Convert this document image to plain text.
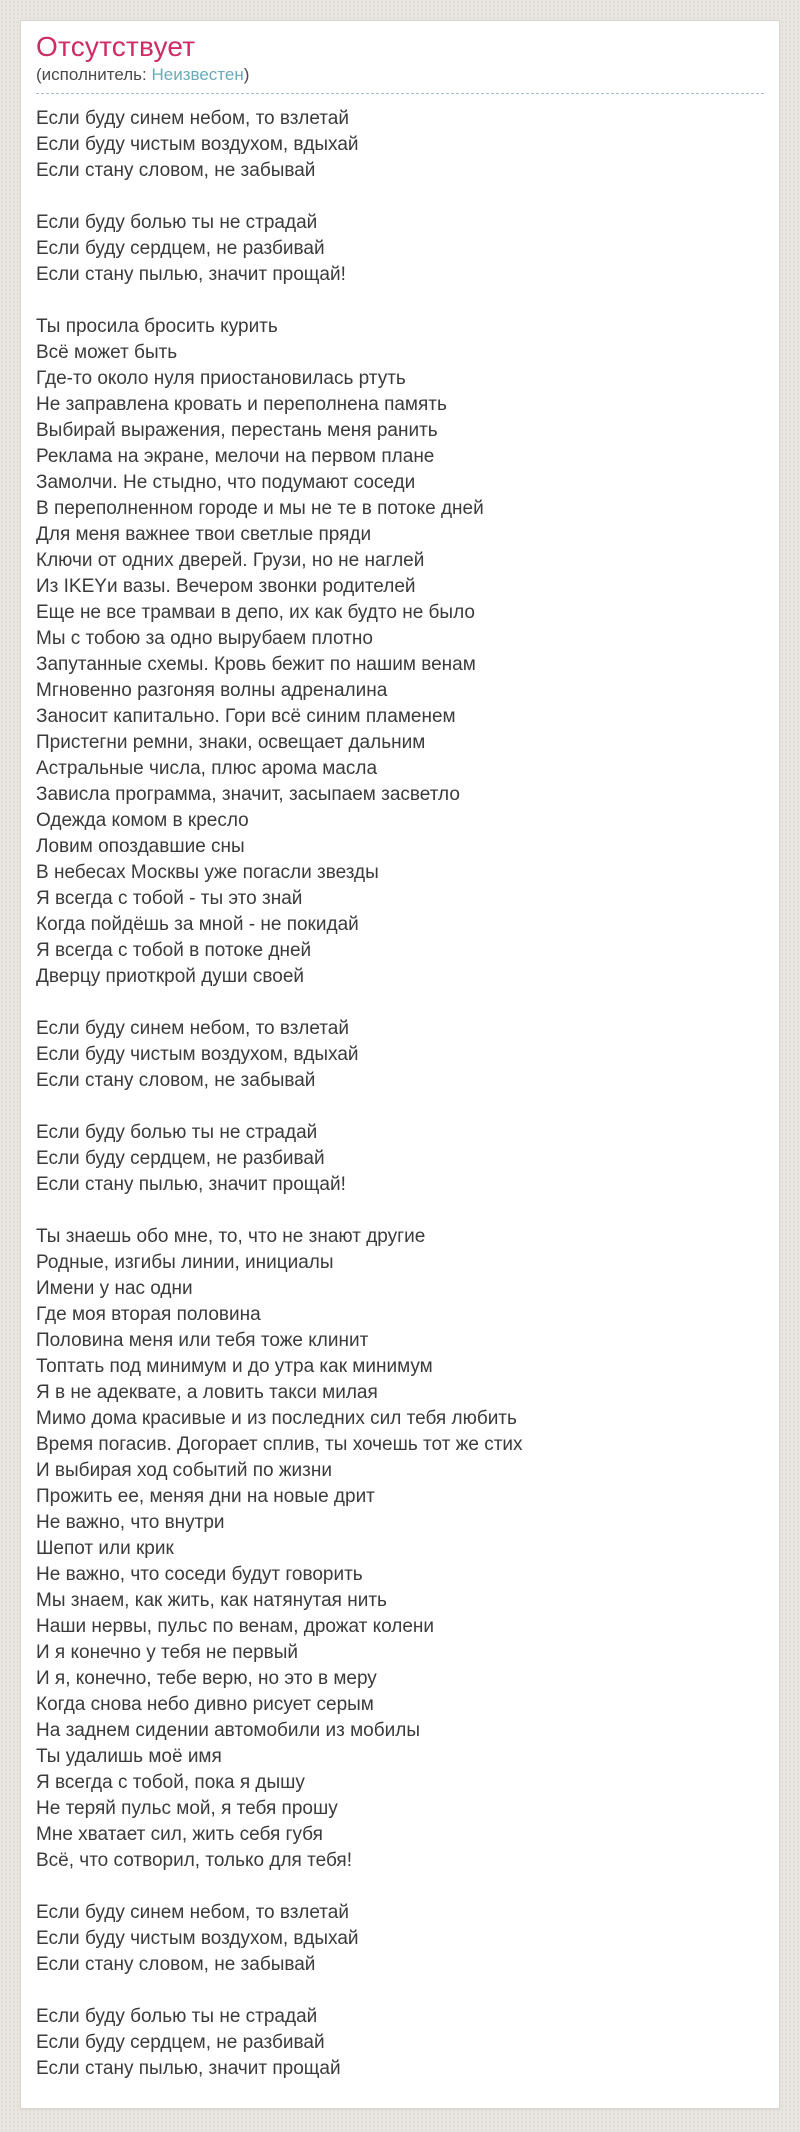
Отсутствует
(исполнитель: Неизвестен)

Если буду синем небом, то взлетай
Если буду чистым воздухом, вдыхай
Если стану словом, не забывай

Если буду болью ты не страдай
Если буду сердцем, не разбивай
Если стану пылью, значит прощай!

Ты просила бросить курить
Всё может быть
Где-то около нуля приостановилась ртуть
Не заправлена кровать и переполнена память
Выбирай выражения, перестань меня ранить
Реклама на экране, мелочи на первом плане
Замолчи. Не стыдно, что подумают соседи
В переполненном городе и мы не те в потоке дней
Для меня важнее твои светлые пряди
Ключи от одних дверей. Грузи, но не наглей
Из IKEYи вазы. Вечером звонки родителей
Еще не все трамваи в депо, их как будто не было
Мы с тобою за одно вырубаем плотно
Запутанные схемы. Кровь бежит по нашим венам
Мгновенно разгоняя волны адреналина
Заносит капитально. Гори всё синим пламенем
Пристегни ремни, знаки, освещает дальним
Астральные числа, плюс арома масла
Зависла программа, значит, засыпаем засветло
Одежда комом в кресло
Ловим опоздавшие сны
В небесах Москвы уже погасли звезды
Я всегда с тобой - ты это знай
Когда пойдёшь за мной - не покидай
Я всегда с тобой в потоке дней
Дверцу приоткрой души своей

Если буду синем небом, то взлетай
Если буду чистым воздухом, вдыхай
Если стану словом, не забывай

Если буду болью ты не страдай
Если буду сердцем, не разбивай
Если стану пылью, значит прощай!

Ты знаешь обо мне, то, что не знают другие
Родные, изгибы линии, инициалы
Имени у нас одни
Где моя вторая половина
Половина меня или тебя тоже клинит
Топтать под минимум и до утра как минимум
Я в не адеквате, а ловить такси милая
Мимо дома красивые и из последних сил тебя любить
Время погасив. Догорает сплив, ты хочешь тот же стих
И выбирая ход событий по жизни
Прожить ее, меняя дни на новые дрит
Не важно, что внутри
Шепот или крик
Не важно, что соседи будут говорить
Мы знаем, как жить, как натянутая нить
Наши нервы, пульс по венам, дрожат колени
И я конечно у тебя не первый
И я, конечно, тебе верю, но это в меру
Когда снова небо дивно рисует серым
На заднем сидении автомобили из мобилы
Ты удалишь моё имя
Я всегда с тобой, пока я дышу
Не теряй пульс мой, я тебя прошу
Мне хватает сил, жить себя губя
Всё, что сотворил, только для тебя!

Если буду синем небом, то взлетай
Если буду чистым воздухом, вдыхай
Если стану словом, не забывай

Если буду болью ты не страдай
Если буду сердцем, не разбивай
Если стану пылью, значит прощай
